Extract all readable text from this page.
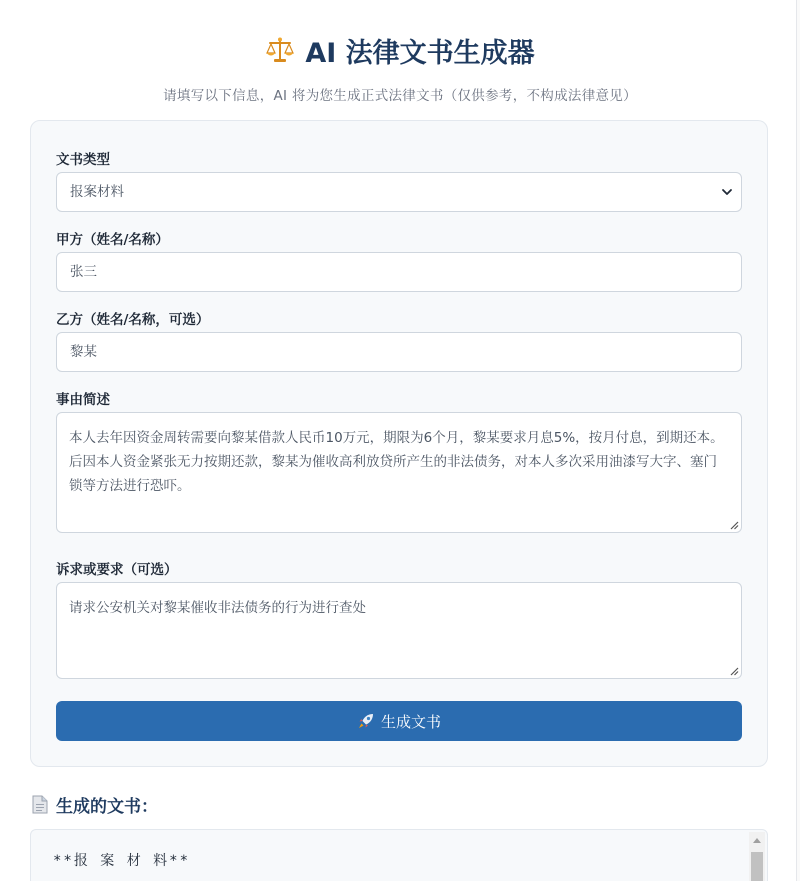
AI 法律文书生成器
请填写以下信息，AI 将为您生成正式法律文书（仅供参考，不构成法律意见）
文书类型
报案材料
甲方（姓名/名称）
张三
乙方（姓名/名称，可选）
黎某
事由简述
本人去年因资金周转需要向黎某借款人民币10万元，期限为6个月，黎某要求月息5%，按月付息，到期还本。后因本人资金紧张无力按期还款，黎某为催收高利放贷所产生的非法债务，对本人多次采用油漆写大字、塞门锁等方法进行恐吓。
诉求或要求（可选）
请求公安机关对黎某催收非法债务的行为进行查处
生成文书
生成的文书：
**报 案 材 料**
